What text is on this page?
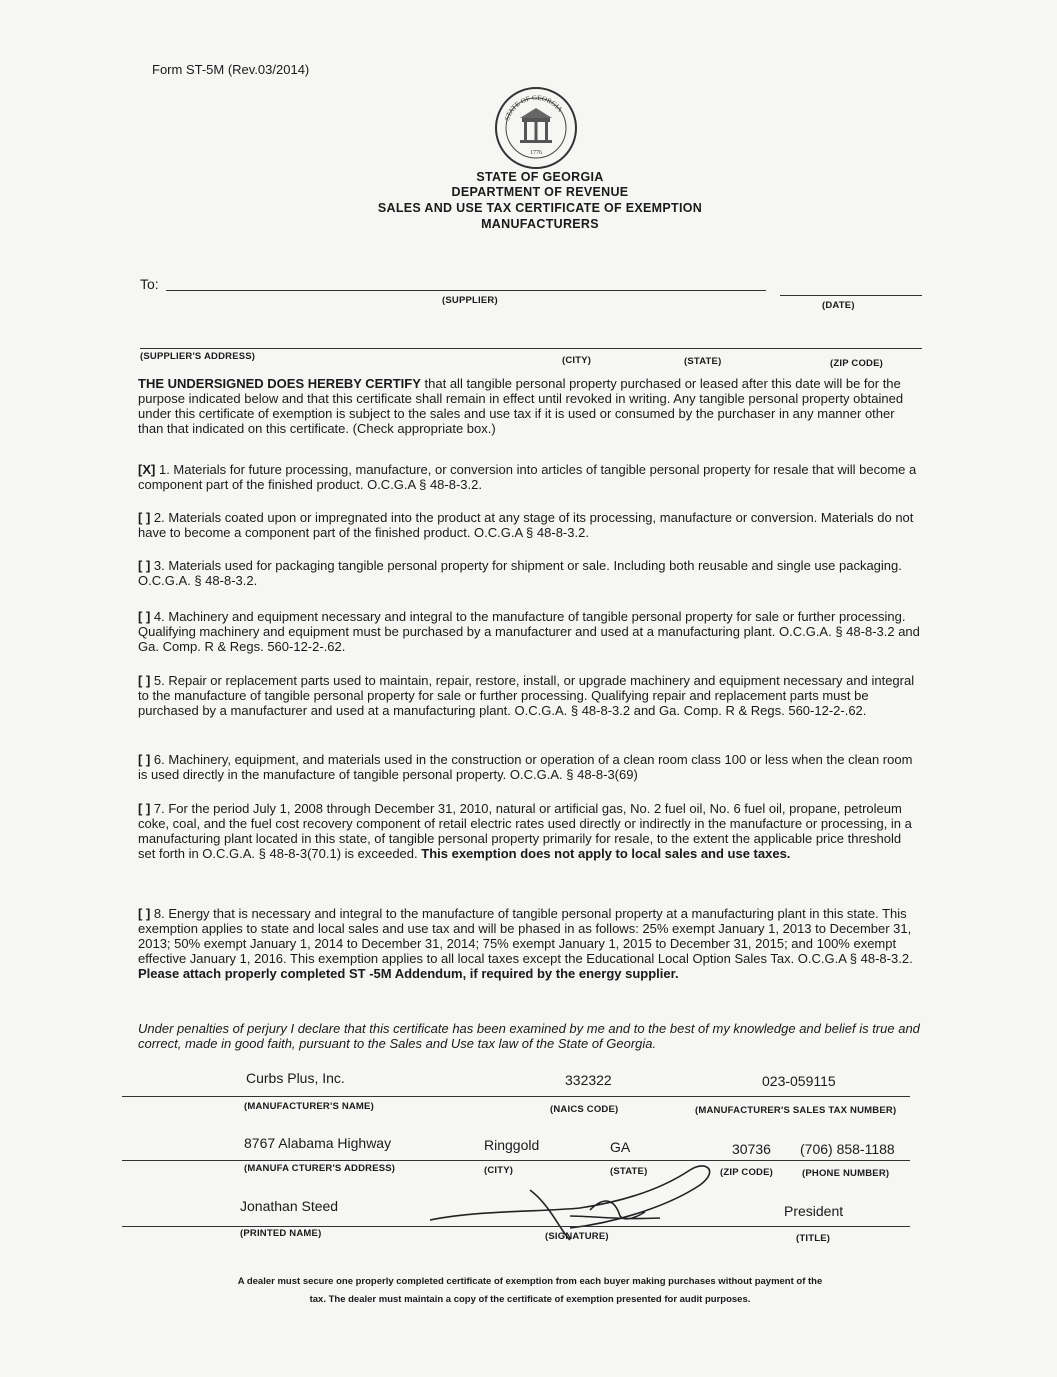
Form ST-5M (Rev.03/2014)
STATE OF GEORGIA
1776
STATE OF GEORGIA
DEPARTMENT OF REVENUE
SALES AND USE TAX CERTIFICATE OF EXEMPTION
MANUFACTURERS
To:
(SUPPLIER)	(DATE)
(SUPPLIER'S ADDRESS)	(CITY)	(STATE)	(ZIP CODE)
THE UNDERSIGNED DOES HEREBY CERTIFY that all tangible personal property purchased or leased after this date will be for the purpose indicated below and that this certificate shall remain in effect until revoked in writing. Any tangible personal property obtained under this certificate of exemption is subject to the sales and use tax if it is used or consumed by the purchaser in any manner other than that indicated on this certificate. (Check appropriate box.)
[X] 1. Materials for future processing, manufacture, or conversion into articles of tangible personal property for resale that will become a component part of the finished product. O.C.G.A § 48-8-3.2.
[ ] 2. Materials coated upon or impregnated into the product at any stage of its processing, manufacture or conversion. Materials do not have to become a component part of the finished product. O.C.G.A § 48-8-3.2.
[ ] 3. Materials used for packaging tangible personal property for shipment or sale. Including both reusable and single use packaging. O.C.G.A. § 48-8-3.2.
[ ] 4. Machinery and equipment necessary and integral to the manufacture of tangible personal property for sale or further processing. Qualifying machinery and equipment must be purchased by a manufacturer and used at a manufacturing plant. O.C.G.A. § 48-8-3.2 and Ga. Comp. R & Regs. 560-12-2-.62.
[ ] 5. Repair or replacement parts used to maintain, repair, restore, install, or upgrade machinery and equipment necessary and integral to the manufacture of tangible personal property for sale or further processing. Qualifying repair and replacement parts must be purchased by a manufacturer and used at a manufacturing plant. O.C.G.A. § 48-8-3.2 and Ga. Comp. R & Regs. 560-12-2-.62.
[ ] 6. Machinery, equipment, and materials used in the construction or operation of a clean room class 100 or less when the clean room is used directly in the manufacture of tangible personal property. O.C.G.A. § 48-8-3(69)
[ ] 7. For the period July 1, 2008 through December 31, 2010, natural or artificial gas, No. 2 fuel oil, No. 6 fuel oil, propane, petroleum coke, coal, and the fuel cost recovery component of retail electric rates used directly or indirectly in the manufacture or processing, in a manufacturing plant located in this state, of tangible personal property primarily for resale, to the extent the applicable price threshold set forth in O.C.G.A. § 48-8-3(70.1) is exceeded. This exemption does not apply to local sales and use taxes.
[ ] 8. Energy that is necessary and integral to the manufacture of tangible personal property at a manufacturing plant in this state. This exemption applies to state and local sales and use tax and will be phased in as follows: 25% exempt January 1, 2013 to December 31, 2013; 50% exempt January 1, 2014 to December 31, 2014; 75% exempt January 1, 2015 to December 31, 2015; and 100% exempt effective January 1, 2016. This exemption applies to all local taxes except the Educational Local Option Sales Tax. O.C.G.A § 48-8-3.2. Please attach properly completed ST -5M Addendum, if required by the energy supplier.
Under penalties of perjury I declare that this certificate has been examined by me and to the best of my knowledge and belief is true and correct, made in good faith, pursuant to the Sales and Use tax law of the State of Georgia.
Curbs Plus, Inc.	332322	023-059115
(MANUFACTURER'S NAME)	(NAICS CODE)	(MANUFACTURER'S SALES TAX NUMBER)
8767 Alabama Highway	Ringgold	GA	30736 (706) 858-1188
(MANUFA CTURER'S ADDRESS)	(CITY)	(STATE)	(ZIP CODE)	(PHONE NUMBER)
Jonathan Steed	President
(PRINTED NAME)	(SIGNATURE)	(TITLE)
A dealer must secure one properly completed certificate of exemption from each buyer making purchases without payment of the
tax. The dealer must maintain a copy of the certificate of exemption presented for audit purposes.
